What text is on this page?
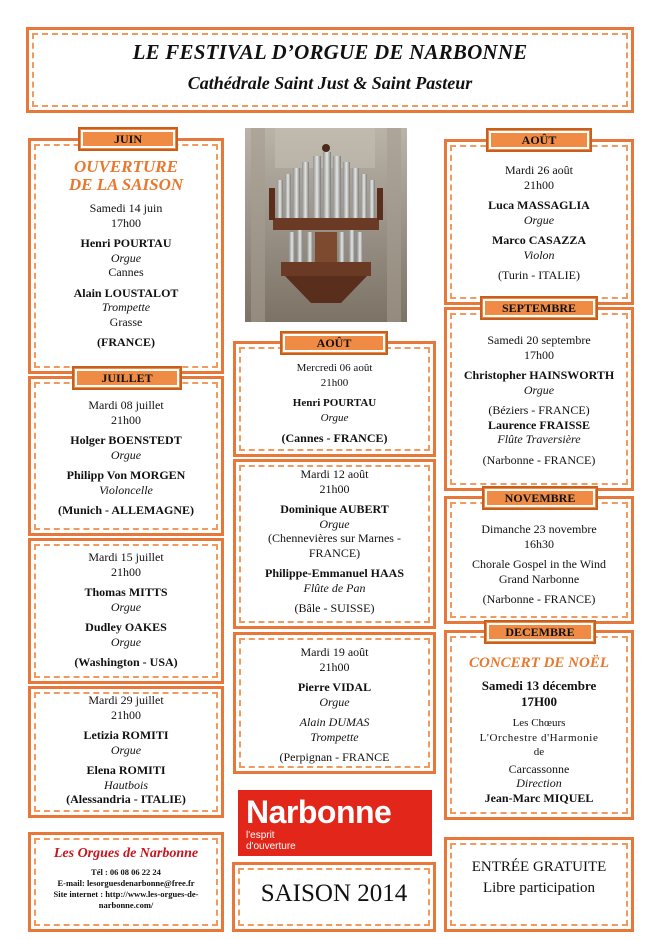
LE FESTIVAL D’ORGUE DE NARBONNE
Cathédrale Saint Just & Saint Pasteur
JUIN
OUVERTURE
DE LA SAISON
Samedi 14 juin
17h00
Henri POURTAU
Orgue
Cannes
Alain LOUSTALOT
Trompette
Grasse
(FRANCE)
JUILLET
Mardi 08 juillet
21h00
Holger BOENSTEDT
Orgue
Philipp Von MORGEN
Violoncelle
(Munich - ALLEMAGNE)
Mardi 15 juillet
21h00
Thomas MITTS
Orgue
Dudley OAKES
Orgue
(Washington - USA)
Mardi 29 juillet
21h00
Letizia ROMITI
Orgue
Elena ROMITI
Hautbois
(Alessandria - ITALIE)
Les Orgues de Narbonne
Tél : 06 08 06 22 24
E-mail: lesorguesdenarbonne@free.fr
Site internet : http://www.les-orgues-de-
narbonne.com/
AOÛT
Mercredi 06 août
21h00
Henri POURTAU
Orgue
(Cannes - FRANCE)
Mardi 12 août
21h00
Dominique AUBERT
Orgue
(Chennevières sur Marnes -
FRANCE)
Philippe-Emmanuel HAAS
Flûte de Pan
(Bâle - SUISSE)
Mardi 19 août
21h00
Pierre VIDAL
Orgue
Alain DUMAS
Trompette
(Perpignan - FRANCE
Narbonne
l'esprit
d'ouverture
SAISON 2014
AOÛT
Mardi 26 août
21h00
Luca MASSAGLIA
Orgue
Marco CASAZZA
Violon
(Turin - ITALIE)
SEPTEMBRE
Samedi 20 septembre
17h00
Christopher HAINSWORTH
Orgue
(Béziers - FRANCE)
Laurence FRAISSE
Flûte Traversière
(Narbonne - FRANCE)
NOVEMBRE
Dimanche 23 novembre
16h30
Chorale Gospel in the Wind
Grand Narbonne
(Narbonne - FRANCE)
DECEMBRE
CONCERT DE NOËL
Samedi 13 décembre
17H00
Les Chœurs
L'Orchestre d'Harmonie
de
Carcassonne
Direction
Jean-Marc MIQUEL
ENTRÉE GRATUITE
Libre participation
